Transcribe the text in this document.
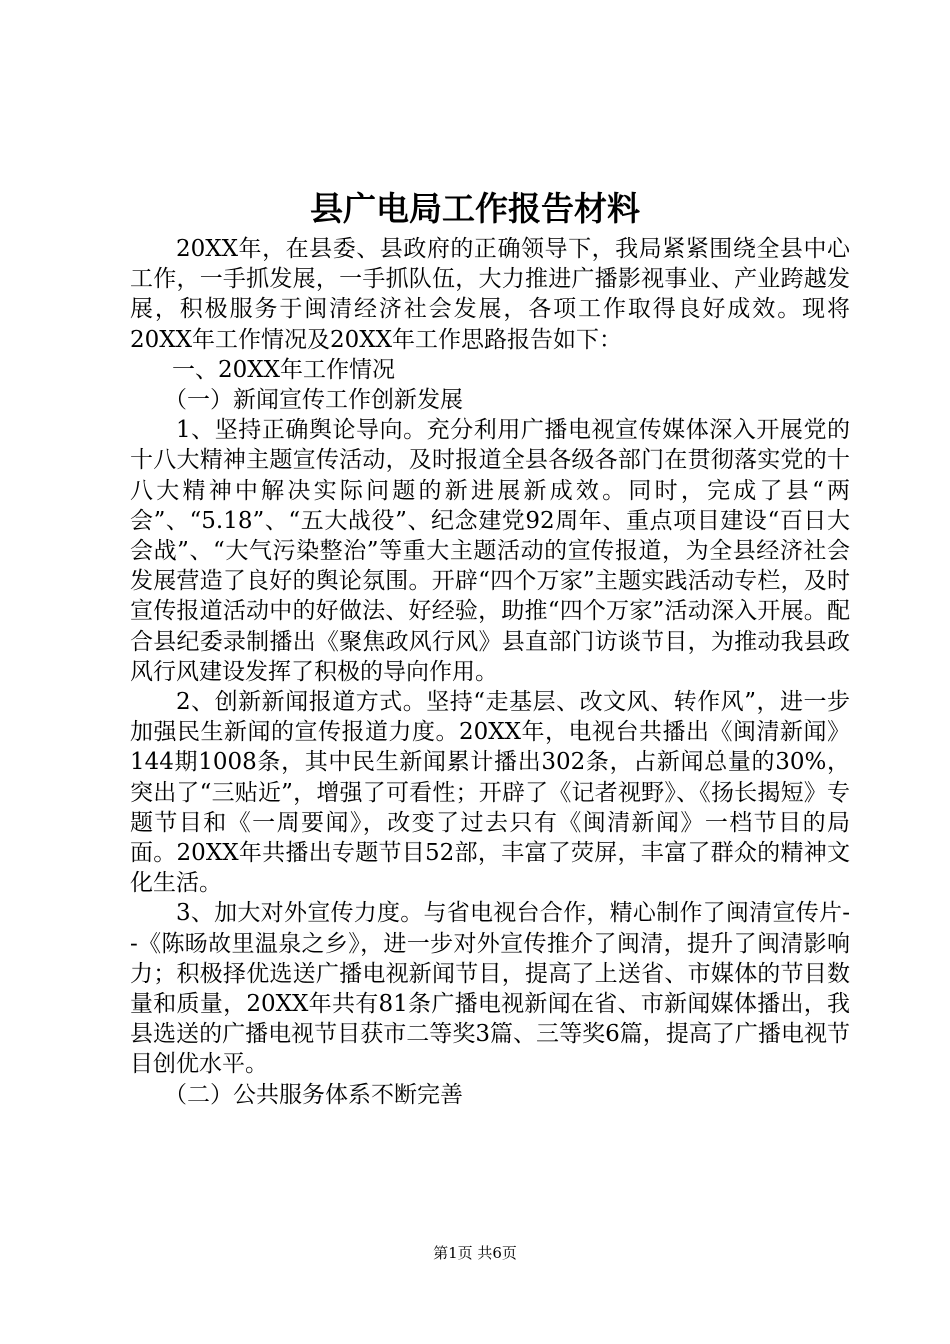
县广电局工作报告材料

20XX年，在县委、县政府的正确领导下，我局紧紧围绕全县中心工作，一手抓发展，一手抓队伍，大力推进广播影视事业、产业跨越发展，积极服务于闽清经济社会发展，各项工作取得良好成效。现将20XX年工作情况及20XX年工作思路报告如下：

一、20XX年工作情况

（一）新闻宣传工作创新发展

1、坚持正确舆论导向。充分利用广播电视宣传媒体深入开展党的十八大精神主题宣传活动，及时报道全县各级各部门在贯彻落实党的十八大精神中解决实际问题的新进展新成效。同时，完成了县“两会”、“5.18”、“五大战役”、纪念建党92周年、重点项目建设“百日大会战”、“大气污染整治”等重大主题活动的宣传报道，为全县经济社会发展营造了良好的舆论氛围。开辟“四个万家”主题实践活动专栏，及时宣传报道活动中的好做法、好经验，助推“四个万家”活动深入开展。配合县纪委录制播出《聚焦政风行风》县直部门访谈节目，为推动我县政风行风建设发挥了积极的导向作用。

2、创新新闻报道方式。坚持“走基层、改文风、转作风”，进一步加强民生新闻的宣传报道力度。20XX年，电视台共播出《闽清新闻》144期1008条，其中民生新闻累计播出302条，占新闻总量的30%，突出了“三贴近”，增强了可看性；开辟了《记者视野》、《扬长揭短》专题节目和《一周要闻》，改变了过去只有《闽清新闻》一档节目的局面。20XX年共播出专题节目52部，丰富了荧屏，丰富了群众的精神文化生活。

3、加大对外宣传力度。与省电视台合作，精心制作了闽清宣传片--《陈旸故里温泉之乡》，进一步对外宣传推介了闽清，提升了闽清影响力；积极择优选送广播电视新闻节目，提高了上送省、市媒体的节目数量和质量，20XX年共有81条广播电视新闻在省、市新闻媒体播出，我县选送的广播电视节目获市二等奖3篇、三等奖6篇，提高了广播电视节目创优水平。

（二）公共服务体系不断完善

第1页 共6页
